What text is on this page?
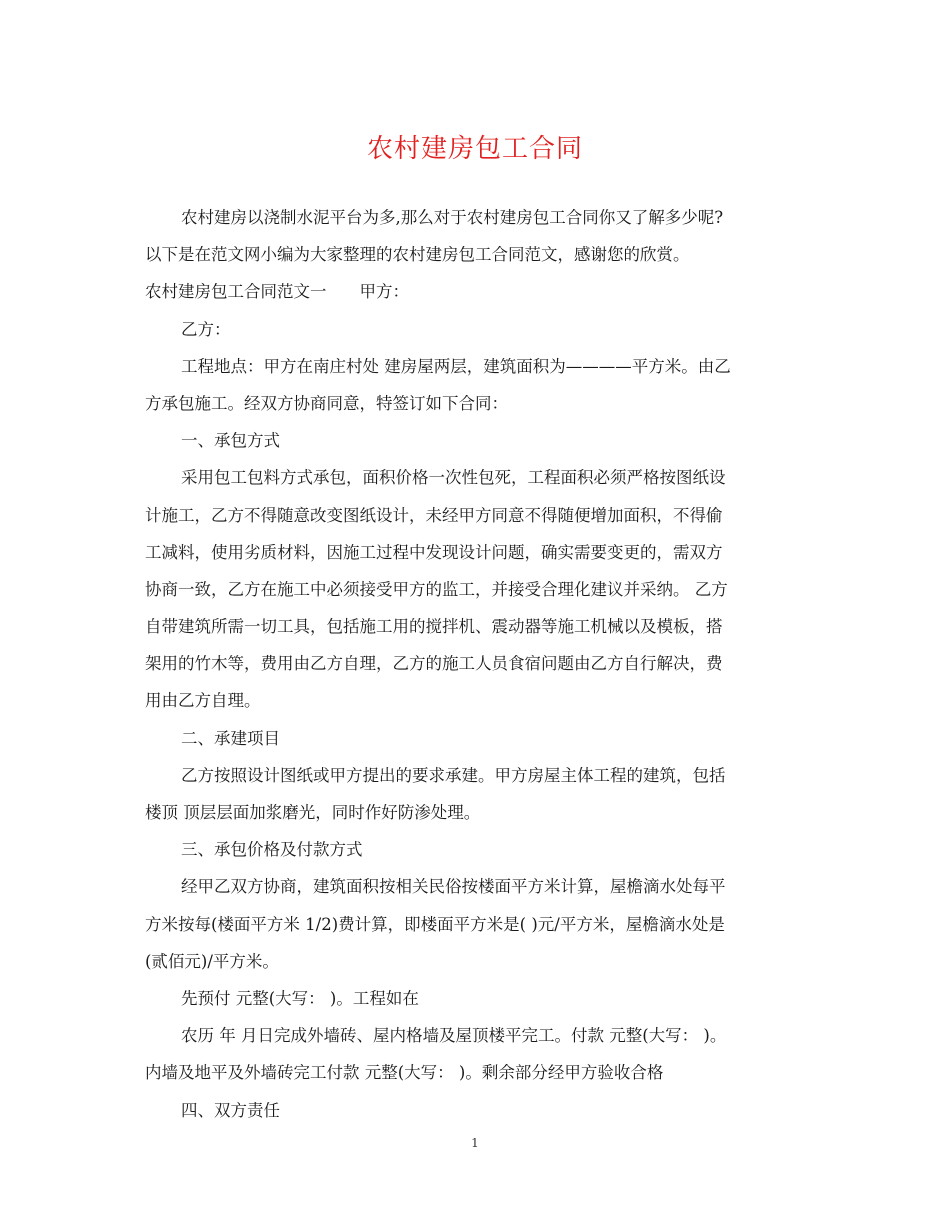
农村建房包工合同
农村建房以浇制水泥平台为多,那么对于农村建房包工合同你又了解多少呢?
以下是在范文网小编为大家整理的农村建房包工合同范文，感谢您的欣赏。
农村建房包工合同范文一　　甲方：
乙方：
工程地点：甲方在南庄村处 建房屋两层，建筑面积为————平方米。由乙
方承包施工。经双方协商同意，特签订如下合同：
一、承包方式
采用包工包料方式承包，面积价格一次性包死，工程面积必须严格按图纸设
计施工，乙方不得随意改变图纸设计，未经甲方同意不得随便增加面积，不得偷
工减料，使用劣质材料，因施工过程中发现设计问题，确实需要变更的，需双方
协商一致，乙方在施工中必须接受甲方的监工，并接受合理化建议并采纳。 乙方
自带建筑所需一切工具，包括施工用的搅拌机、震动器等施工机械以及模板，搭
架用的竹木等，费用由乙方自理，乙方的施工人员食宿问题由乙方自行解决，费
用由乙方自理。
二、承建项目
乙方按照设计图纸或甲方提出的要求承建。甲方房屋主体工程的建筑，包括
楼顶 顶层层面加浆磨光，同时作好防渗处理。
三、承包价格及付款方式
经甲乙双方协商，建筑面积按相关民俗按楼面平方米计算，屋檐滴水处每平
方米按每(楼面平方米 1/2)费计算，即楼面平方米是( )元/平方米，屋檐滴水处是
(贰佰元)/平方米。
先预付 元整(大写： )。工程如在
农历 年 月日完成外墙砖、屋内格墙及屋顶楼平完工。付款 元整(大写： )。
内墙及地平及外墙砖完工付款 元整(大写： )。剩余部分经甲方验收合格
四、双方责任
1
